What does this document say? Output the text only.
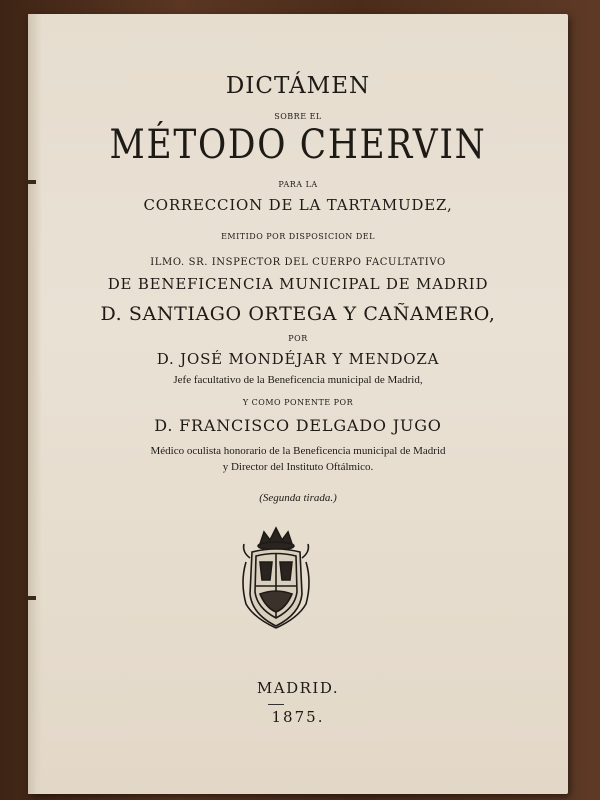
DICTÁMEN

SOBRE EL

MÉTODO CHERVIN

PARA LA

CORRECCION DE LA TARTAMUDEZ,

EMITIDO POR DISPOSICION DEL

ILMO. SR. INSPECTOR DEL CUERPO FACULTATIVO

DE BENEFICENCIA MUNICIPAL DE MADRID

D. SANTIAGO ORTEGA Y CAÑAMERO,

POR

D. JOSÉ MONDÉJAR Y MENDOZA

Jefe facultativo de la Beneficencia municipal de Madrid,

Y COMO PONENTE POR

D. FRANCISCO DELGADO JUGO

Médico oculista honorario de la Beneficencia municipal de Madrid

y Director del Instituto Oftálmico.

(Segunda tirada.)

MADRID.

1875.
